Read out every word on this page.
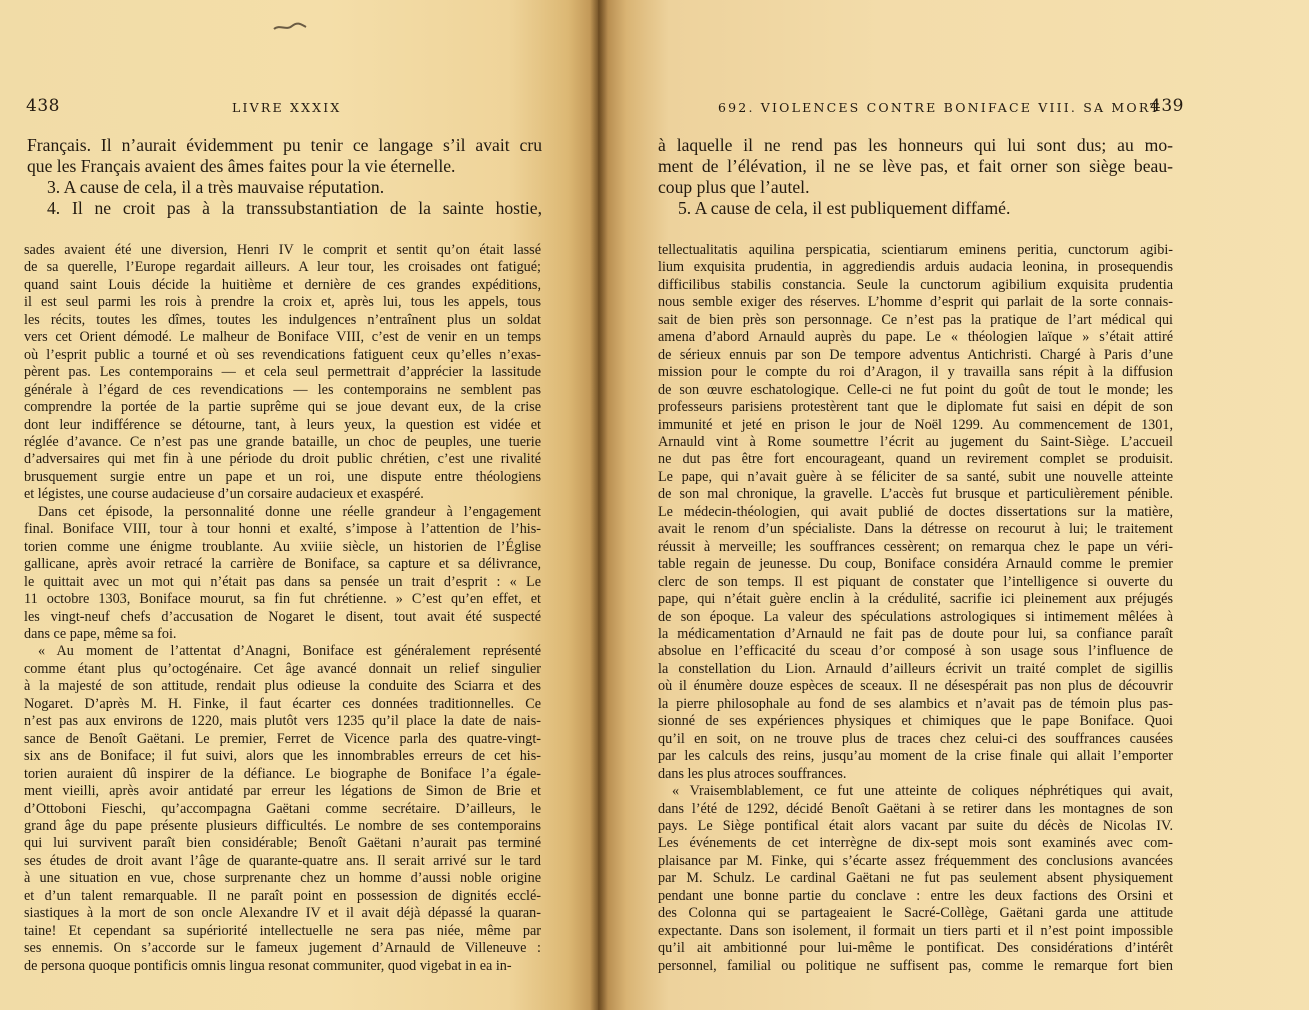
438	LIVRE XXXIX

Français. Il n’aurait évidemment pu tenir ce langage s’il avait cru

que les Français avaient des âmes faites pour la vie éternelle.

3. A cause de cela, il a très mauvaise réputation.

4. Il ne croit pas à la transsubstantiation de la sainte hostie,

sades avaient été une diversion, Henri IV le comprit et sentit qu’on était lassé
de sa querelle, l’Europe regardait ailleurs. A leur tour, les croisades ont fatigué;
quand saint Louis décide la huitième et dernière de ces grandes expéditions,
il est seul parmi les rois à prendre la croix et, après lui, tous les appels, tous
les récits, toutes les dîmes, toutes les indulgences n’entraînent plus un soldat
vers cet Orient démodé. Le malheur de Boniface VIII, c’est de venir en un temps
où l’esprit public a tourné et où ses revendications fatiguent ceux qu’elles n’exas-
pèrent pas. Les contemporains — et cela seul permettrait d’apprécier la lassitude
générale à l’égard de ces revendications — les contemporains ne semblent pas
comprendre la portée de la partie suprême qui se joue devant eux, de la crise
dont leur indifférence se détourne, tant, à leurs yeux, la question est vidée et
réglée d’avance. Ce n’est pas une grande bataille, un choc de peuples, une tuerie
d’adversaires qui met fin à une période du droit public chrétien, c’est une rivalité
brusquement surgie entre un pape et un roi, une dispute entre théologiens
et légistes, une course audacieuse d’un corsaire audacieux et exaspéré.
Dans cet épisode, la personnalité donne une réelle grandeur à l’engagement
final. Boniface VIII, tour à tour honni et exalté, s’impose à l’attention de l’his-
torien comme une énigme troublante. Au xviiie siècle, un historien de l’Église
gallicane, après avoir retracé la carrière de Boniface, sa capture et sa délivrance,
le quittait avec un mot qui n’était pas dans sa pensée un trait d’esprit : « Le
11 octobre 1303, Boniface mourut, sa fin fut chrétienne. » C’est qu’en effet, et
les vingt-neuf chefs d’accusation de Nogaret le disent, tout avait été suspecté
dans ce pape, même sa foi.
« Au moment de l’attentat d’Anagni, Boniface est généralement représenté
comme étant plus qu’octogénaire. Cet âge avancé donnait un relief singulier
à la majesté de son attitude, rendait plus odieuse la conduite des Sciarra et des
Nogaret. D’après M. H. Finke, il faut écarter ces données traditionnelles. Ce
n’est pas aux environs de 1220, mais plutôt vers 1235 qu’il place la date de nais-
sance de Benoît Gaëtani. Le premier, Ferret de Vicence parla des quatre-vingt-
six ans de Boniface; il fut suivi, alors que les innombrables erreurs de cet his-
torien auraient dû inspirer de la défiance. Le biographe de Boniface l’a égale-
ment vieilli, après avoir antidaté par erreur les légations de Simon de Brie et
d’Ottoboni Fieschi, qu’accompagna Gaëtani comme secrétaire. D’ailleurs, le
grand âge du pape présente plusieurs difficultés. Le nombre de ses contemporains
qui lui survivent paraît bien considérable; Benoît Gaëtani n’aurait pas terminé
ses études de droit avant l’âge de quarante-quatre ans. Il serait arrivé sur le tard
à une situation en vue, chose surprenante chez un homme d’aussi noble origine
et d’un talent remarquable. Il ne paraît point en possession de dignités ecclé-
siastiques à la mort de son oncle Alexandre IV et il avait déjà dépassé la quaran-
taine! Et cependant sa supériorité intellectuelle ne sera pas niée, même par
ses ennemis. On s’accorde sur le fameux jugement d’Arnauld de Villeneuve :
de persona quoque pontificis omnis lingua resonat communiter, quod vigebat in ea in-
692. VIOLENCES CONTRE BONIFACE VIII. SA MORT
439

à laquelle il ne rend pas les honneurs qui lui sont dus; au mo-

ment de l’élévation, il ne se lève pas, et fait orner son siège beau-

coup plus que l’autel.

5. A cause de cela, il est publiquement diffamé.

tellectualitatis aquilina perspicatia, scientiarum eminens peritia, cunctorum agibi-
lium exquisita prudentia, in aggrediendis arduis audacia leonina, in prosequendis
difficilibus stabilis constancia. Seule la cunctorum agibilium exquisita prudentia
nous semble exiger des réserves. L’homme d’esprit qui parlait de la sorte connais-
sait de bien près son personnage. Ce n’est pas la pratique de l’art médical qui
amena d’abord Arnauld auprès du pape. Le « théologien laïque » s’était attiré
de sérieux ennuis par son De tempore adventus Antichristi. Chargé à Paris d’une
mission pour le compte du roi d’Aragon, il y travailla sans répit à la diffusion
de son œuvre eschatologique. Celle-ci ne fut point du goût de tout le monde; les
professeurs parisiens protestèrent tant que le diplomate fut saisi en dépit de son
immunité et jeté en prison le jour de Noël 1299. Au commencement de 1301,
Arnauld vint à Rome soumettre l’écrit au jugement du Saint-Siège. L’accueil
ne dut pas être fort encourageant, quand un revirement complet se produisit.
Le pape, qui n’avait guère à se féliciter de sa santé, subit une nouvelle atteinte
de son mal chronique, la gravelle. L’accès fut brusque et particulièrement pénible.
Le médecin-théologien, qui avait publié de doctes dissertations sur la matière,
avait le renom d’un spécialiste. Dans la détresse on recourut à lui; le traitement
réussit à merveille; les souffrances cessèrent; on remarqua chez le pape un véri-
table regain de jeunesse. Du coup, Boniface considéra Arnauld comme le premier
clerc de son temps. Il est piquant de constater que l’intelligence si ouverte du
pape, qui n’était guère enclin à la crédulité, sacrifie ici pleinement aux préjugés
de son époque. La valeur des spéculations astrologiques si intimement mêlées à
la médicamentation d’Arnauld ne fait pas de doute pour lui, sa confiance paraît
absolue en l’efficacité du sceau d’or composé à son usage sous l’influence de
la constellation du Lion. Arnauld d’ailleurs écrivit un traité complet de sigillis
où il énumère douze espèces de sceaux. Il ne désespérait pas non plus de découvrir
la pierre philosophale au fond de ses alambics et n’avait pas de témoin plus pas-
sionné de ses expériences physiques et chimiques que le pape Boniface. Quoi
qu’il en soit, on ne trouve plus de traces chez celui-ci des souffrances causées
par les calculs des reins, jusqu’au moment de la crise finale qui allait l’emporter
dans les plus atroces souffrances.
« Vraisemblablement, ce fut une atteinte de coliques néphrétiques qui avait,
dans l’été de 1292, décidé Benoît Gaëtani à se retirer dans les montagnes de son
pays. Le Siège pontifical était alors vacant par suite du décès de Nicolas IV.
Les événements de cet interrègne de dix-sept mois sont examinés avec com-
plaisance par M. Finke, qui s’écarte assez fréquemment des conclusions avancées
par M. Schulz. Le cardinal Gaëtani ne fut pas seulement absent physiquement
pendant une bonne partie du conclave : entre les deux factions des Orsini et
des Colonna qui se partageaient le Sacré-Collège, Gaëtani garda une attitude
expectante. Dans son isolement, il formait un tiers parti et il n’est point impossible
qu’il ait ambitionné pour lui-même le pontificat. Des considérations d’intérêt
personnel, familial ou politique ne suffisent pas, comme le remarque fort bien
